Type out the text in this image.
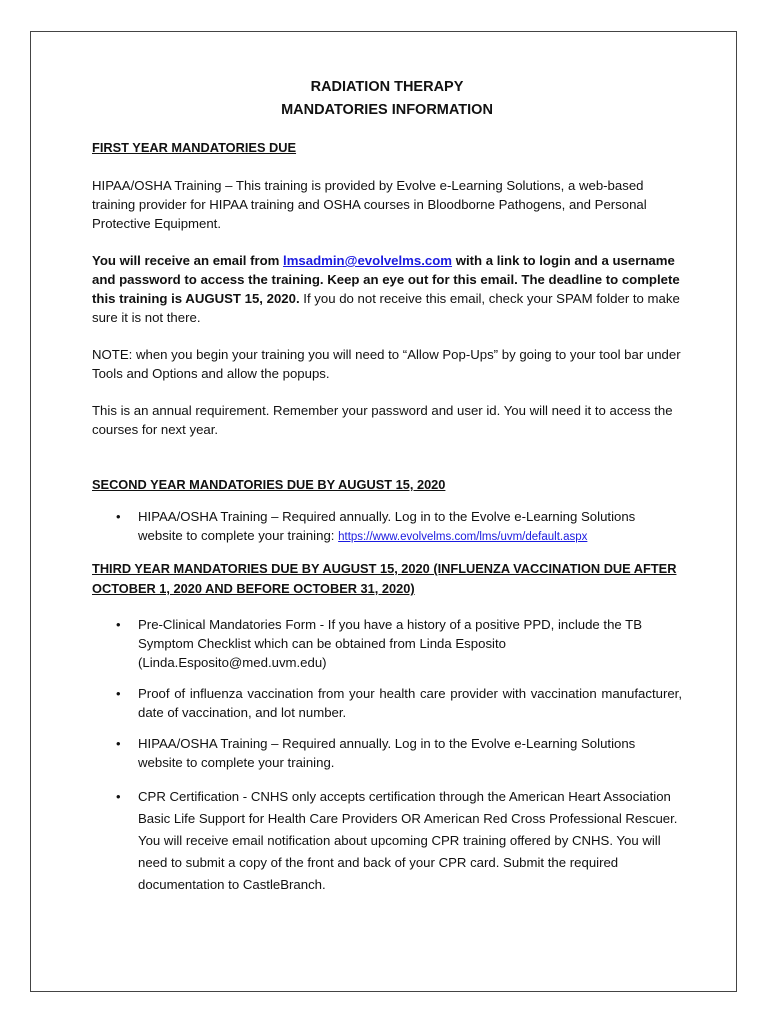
RADIATION THERAPY
MANDATORIES INFORMATION

FIRST YEAR MANDATORIES DUE

HIPAA/OSHA Training – This training is provided by Evolve e-Learning Solutions, a web-based training provider for HIPAA training and OSHA courses in Bloodborne Pathogens, and Personal Protective Equipment.

You will receive an email from lmsadmin@evolvelms.com with a link to login and a username and password to access the training. Keep an eye out for this email. The deadline to complete this training is AUGUST 15, 2020. If you do not receive this email, check your SPAM folder to make sure it is not there.

NOTE: when you begin your training you will need to “Allow Pop-Ups” by going to your tool bar under Tools and Options and allow the popups.

This is an annual requirement. Remember your password and user id. You will need it to access the courses for next year.

SECOND YEAR MANDATORIES DUE BY AUGUST 15, 2020

• HIPAA/OSHA Training – Required annually. Log in to the Evolve e-Learning Solutions website to complete your training: https://www.evolvelms.com/lms/uvm/default.aspx

THIRD YEAR MANDATORIES DUE BY AUGUST 15, 2020 (INFLUENZA VACCINATION DUE AFTER OCTOBER 1, 2020 AND BEFORE OCTOBER 31, 2020)

• Pre-Clinical Mandatories Form - If you have a history of a positive PPD, include the TB Symptom Checklist which can be obtained from Linda Esposito (Linda.Esposito@med.uvm.edu)
• Proof of influenza vaccination from your health care provider with vaccination manufacturer, date of vaccination, and lot number.
• HIPAA/OSHA Training – Required annually. Log in to the Evolve e-Learning Solutions website to complete your training.
• CPR Certification - CNHS only accepts certification through the American Heart Association Basic Life Support for Health Care Providers OR American Red Cross Professional Rescuer. You will receive email notification about upcoming CPR training offered by CNHS. You will need to submit a copy of the front and back of your CPR card. Submit the required documentation to CastleBranch.
